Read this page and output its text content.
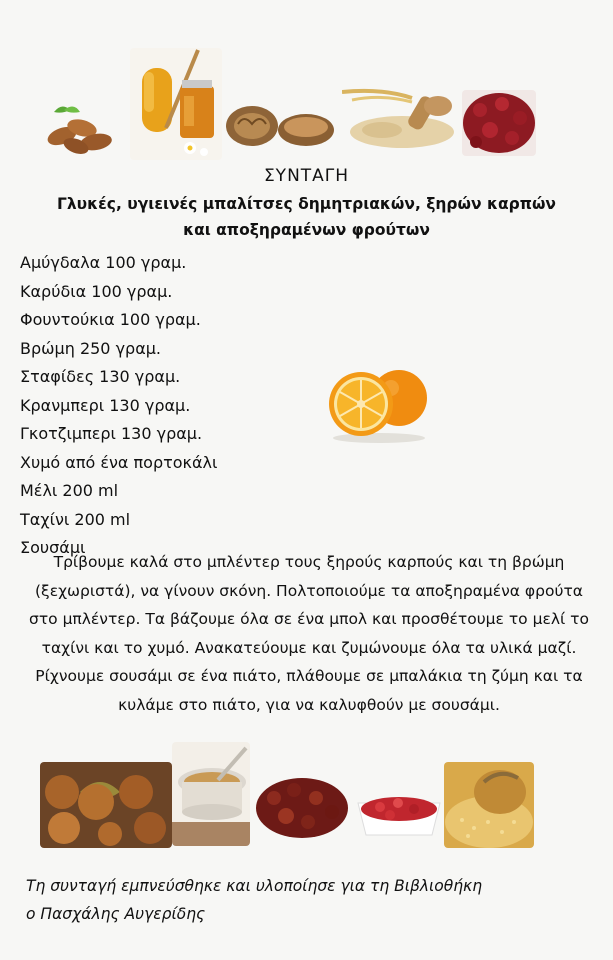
ΣΥΝΤΑΓΗ
Γλυκές, υγιεινές μπαλίτσες δημητριακών, ξηρών καρπών
και αποξηραμένων φρούτων
Αμύγδαλα 100 γραμ.
Καρύδια 100 γραμ.
Φουντούκια 100 γραμ.
Βρώμη 250 γραμ.
Σταφίδες 130 γραμ.
Κρανμπερι 130 γραμ.
Γκοτζιμπερι 130 γραμ.
Χυμό από ένα πορτοκάλι
Μέλι 200 ml
Ταχίνι 200 ml
Σουσάμι
Τρίβουμε καλά στο μπλέντερ τους ξηρούς καρπούς και τη βρώμη (ξεχωριστά), να γίνουν σκόνη. Πολτοποιούμε τα αποξηραμένα φρούτα στο μπλέντερ. Τα βάζουμε όλα σε ένα μπολ και προσθέτουμε το μελί το ταχίνι και το χυμό. Ανακατεύουμε και ζυμώνουμε όλα τα υλικά μαζί. Ρίχνουμε σουσάμι σε ένα πιάτο, πλάθουμε σε μπαλάκια τη ζύμη και τα κυλάμε στο πιάτο, για να καλυφθούν με σουσάμι.
Τη συνταγή εμπνεύσθηκε και υλοποίησε για τη Βιβλιοθήκη
ο Πασχάλης Αυγερίδης
